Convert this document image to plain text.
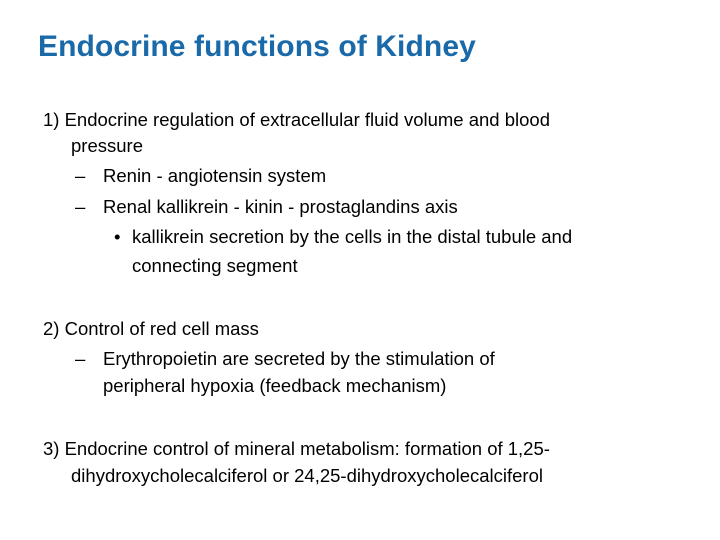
Endocrine functions of Kidney
1) Endocrine regulation of extracellular fluid volume and blood
pressure
– Renin - angiotensin system
– Renal kallikrein - kinin - prostaglandins axis
• kallikrein secretion by the cells in the distal tubule and
connecting segment
2) Control of red cell mass
– Erythropoietin are secreted by the stimulation of
peripheral hypoxia (feedback mechanism)
3) Endocrine control of mineral metabolism: formation of 1,25-
dihydroxycholecalciferol or 24,25-dihydroxycholecalciferol
